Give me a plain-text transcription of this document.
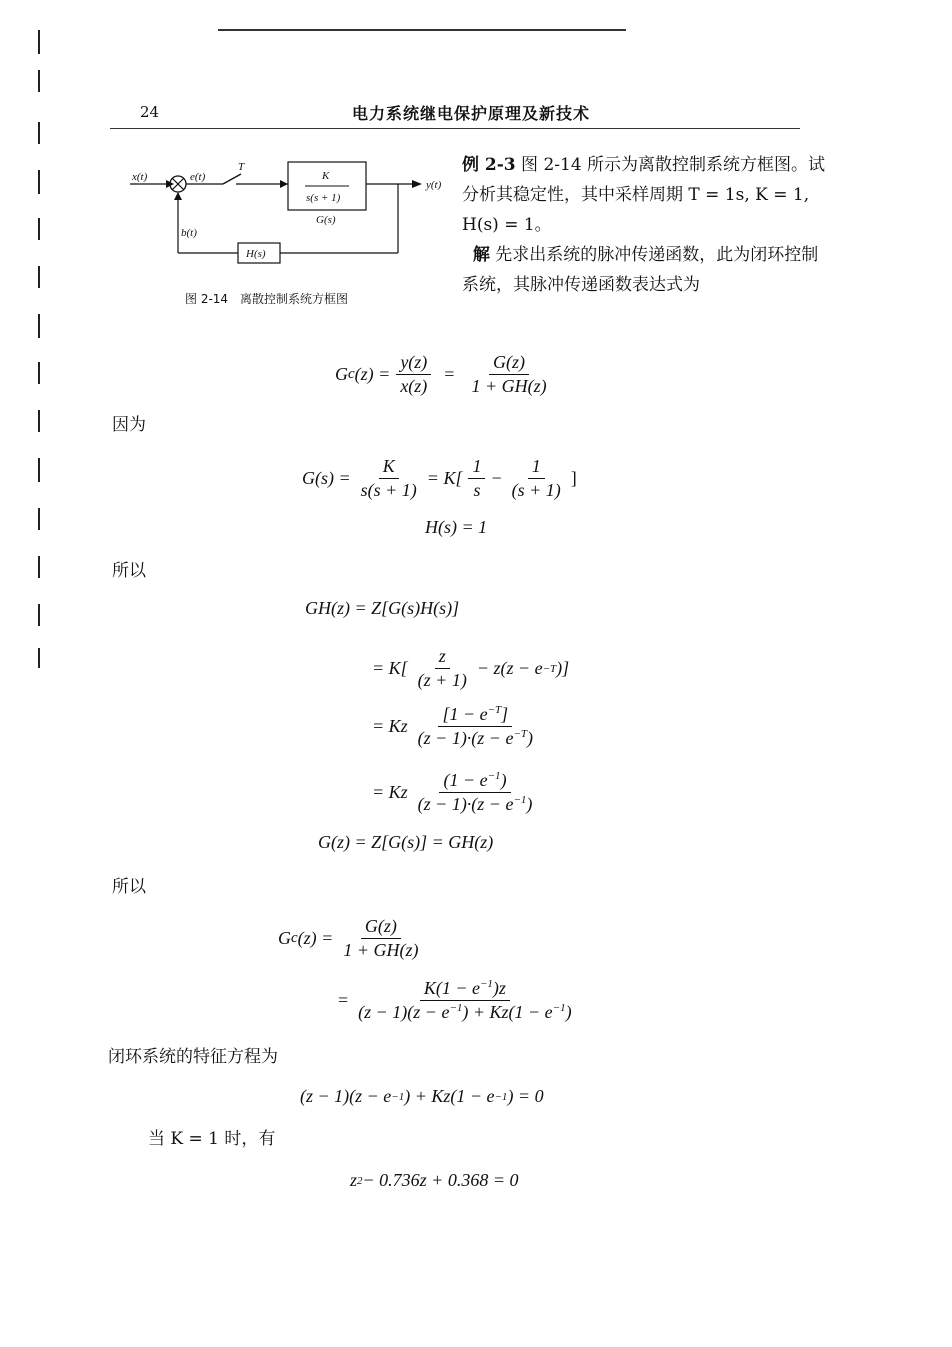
24	电力系统继电保护原理及新技术
x(t)	e(t)
T
K
s(s + 1)
G(s)
y(t)
b(t)
H(s)
图 2-14　离散控制系统方框图
例 2-3 图 2-14 所示为离散控制系统方框图。试分析其稳定性，其中采样周期 T = 1s, K = 1, H(s) = 1。
解 先求出系统的脉冲传递函数，此为闭环控制系统，其脉冲传递函数表达式为
G c $(z) = \frac{y(z)}{x(z)} = \frac{G(z)}{1 + GH(z)}$
因为
$G(s) = \frac{K}{s(s + 1)} = K[ \frac{1}{s} - \frac{1}{(s + 1)}$ ]
H(s) = 1
所以
GH(z) = Z[G(s)H(s)]
= $K[ \frac{z}{(z + 1)} - z(z - e -T$ )]
= Kz $\frac{[1 - e^{-T}]}{(z - 1)\cdot(z - e^{-T})}$
= Kz $\frac{(1 - e^{-1})}{(z - 1)\cdot(z - e^{-1})}$
G(z) = Z[G(s)] = GH(z)
所以
G c $(z) = \frac{G(z)}{1 + GH(z)}$
= $\frac{K(1 - e^{-1})z}{(z - 1)(z - e^{-1}) + Kz(1 - e^{-1})}$
闭环系统的特征方程为
(z − 1)(z − e −1 ) + Kz(1 − e −1 ) = 0
当 K = 1 时，有
z 2 − 0.736z + 0.368 = 0
